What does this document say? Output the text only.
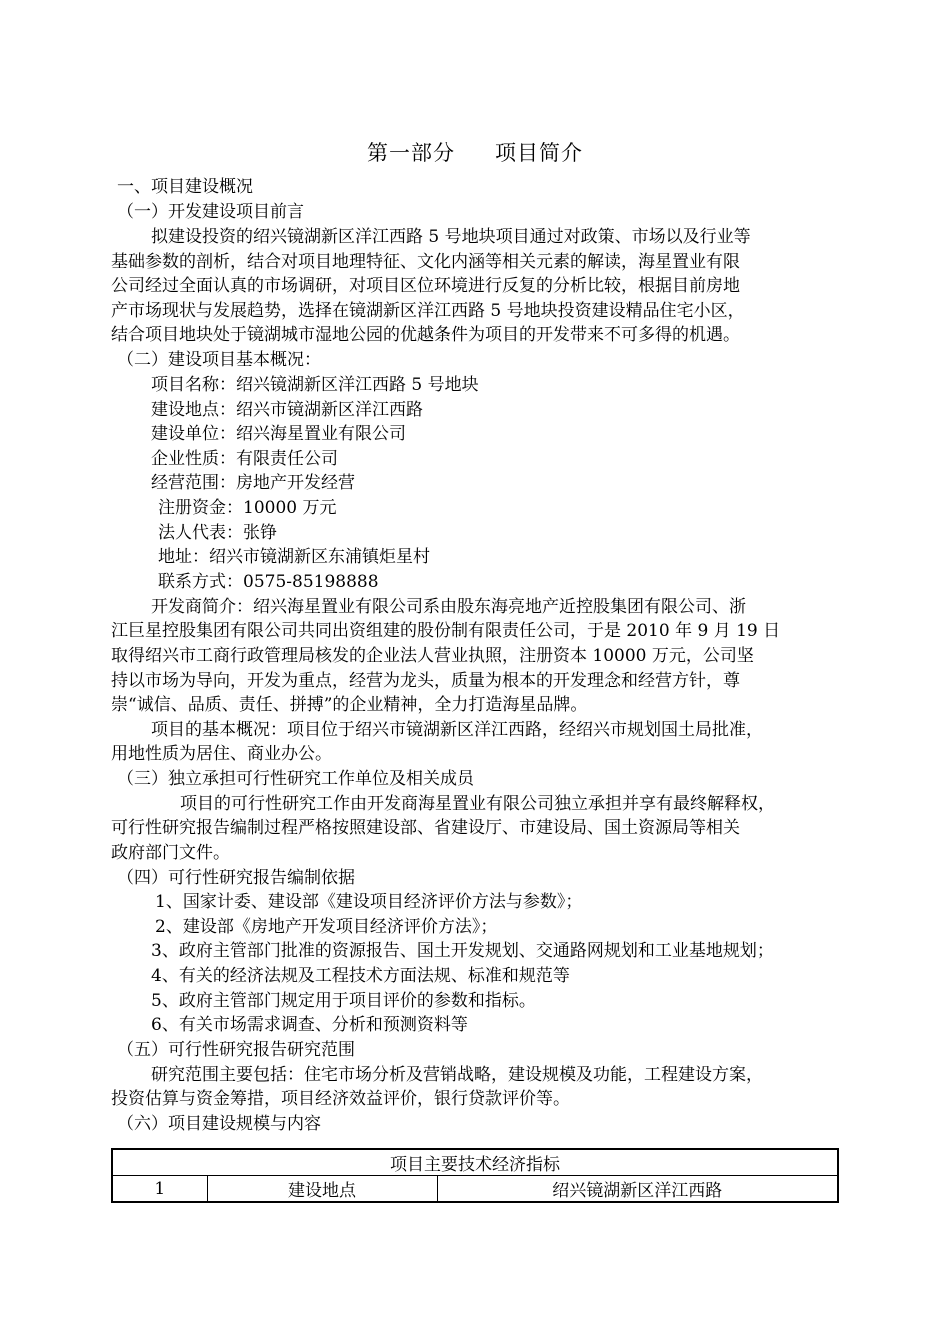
第一部分 项目简介
一、项目建设概况
（一）开发建设项目前言
拟建设投资的绍兴镜湖新区洋江西路 5 号地块项目通过对政策、市场以及行业等
基础参数的剖析，结合对项目地理特征、文化内涵等相关元素的解读，海星置业有限
公司经过全面认真的市场调研，对项目区位环境进行反复的分析比较，根据目前房地
产市场现状与发展趋势，选择在镜湖新区洋江西路 5 号地块投资建设精品住宅小区，
结合项目地块处于镜湖城市湿地公园的优越条件为项目的开发带来不可多得的机遇。
（二）建设项目基本概况：
项目名称：绍兴镜湖新区洋江西路 5 号地块
建设地点：绍兴市镜湖新区洋江西路
建设单位：绍兴海星置业有限公司
企业性质：有限责任公司
经营范围：房地产开发经营
注册资金：10000 万元
法人代表：张铮
地址：绍兴市镜湖新区东浦镇炬星村
联系方式：0575-85198888
开发商简介：绍兴海星置业有限公司系由股东海亮地产近控股集团有限公司、浙
江巨星控股集团有限公司共同出资组建的股份制有限责任公司，于是 2010 年 9 月 19 日
取得绍兴市工商行政管理局核发的企业法人营业执照，注册资本 10000 万元，公司坚
持以市场为导向，开发为重点，经营为龙头，质量为根本的开发理念和经营方针，尊
崇“诚信、品质、责任、拼搏”的企业精神，全力打造海星品牌。
项目的基本概况：项目位于绍兴市镜湖新区洋江西路，经绍兴市规划国土局批准，
用地性质为居住、商业办公。
（三）独立承担可行性研究工作单位及相关成员
项目的可行性研究工作由开发商海星置业有限公司独立承担并享有最终解释权，
可行性研究报告编制过程严格按照建设部、省建设厅、市建设局、国土资源局等相关
政府部门文件。
（四）可行性研究报告编制依据
1、国家计委、建设部《建设项目经济评价方法与参数》；
2、建设部《房地产开发项目经济评价方法》；
3、政府主管部门批准的资源报告、国土开发规划、交通路网规划和工业基地规划；
4、有关的经济法规及工程技术方面法规、标准和规范等
5、政府主管部门规定用于项目评价的参数和指标。
6、有关市场需求调查、分析和预测资料等
（五）可行性研究报告研究范围
研究范围主要包括：住宅市场分析及营销战略，建设规模及功能，工程建设方案，
投资估算与资金筹措，项目经济效益评价，银行贷款评价等。
（六）项目建设规模与内容
项目主要技术经济指标
1	建设地点	绍兴镜湖新区洋江西路
